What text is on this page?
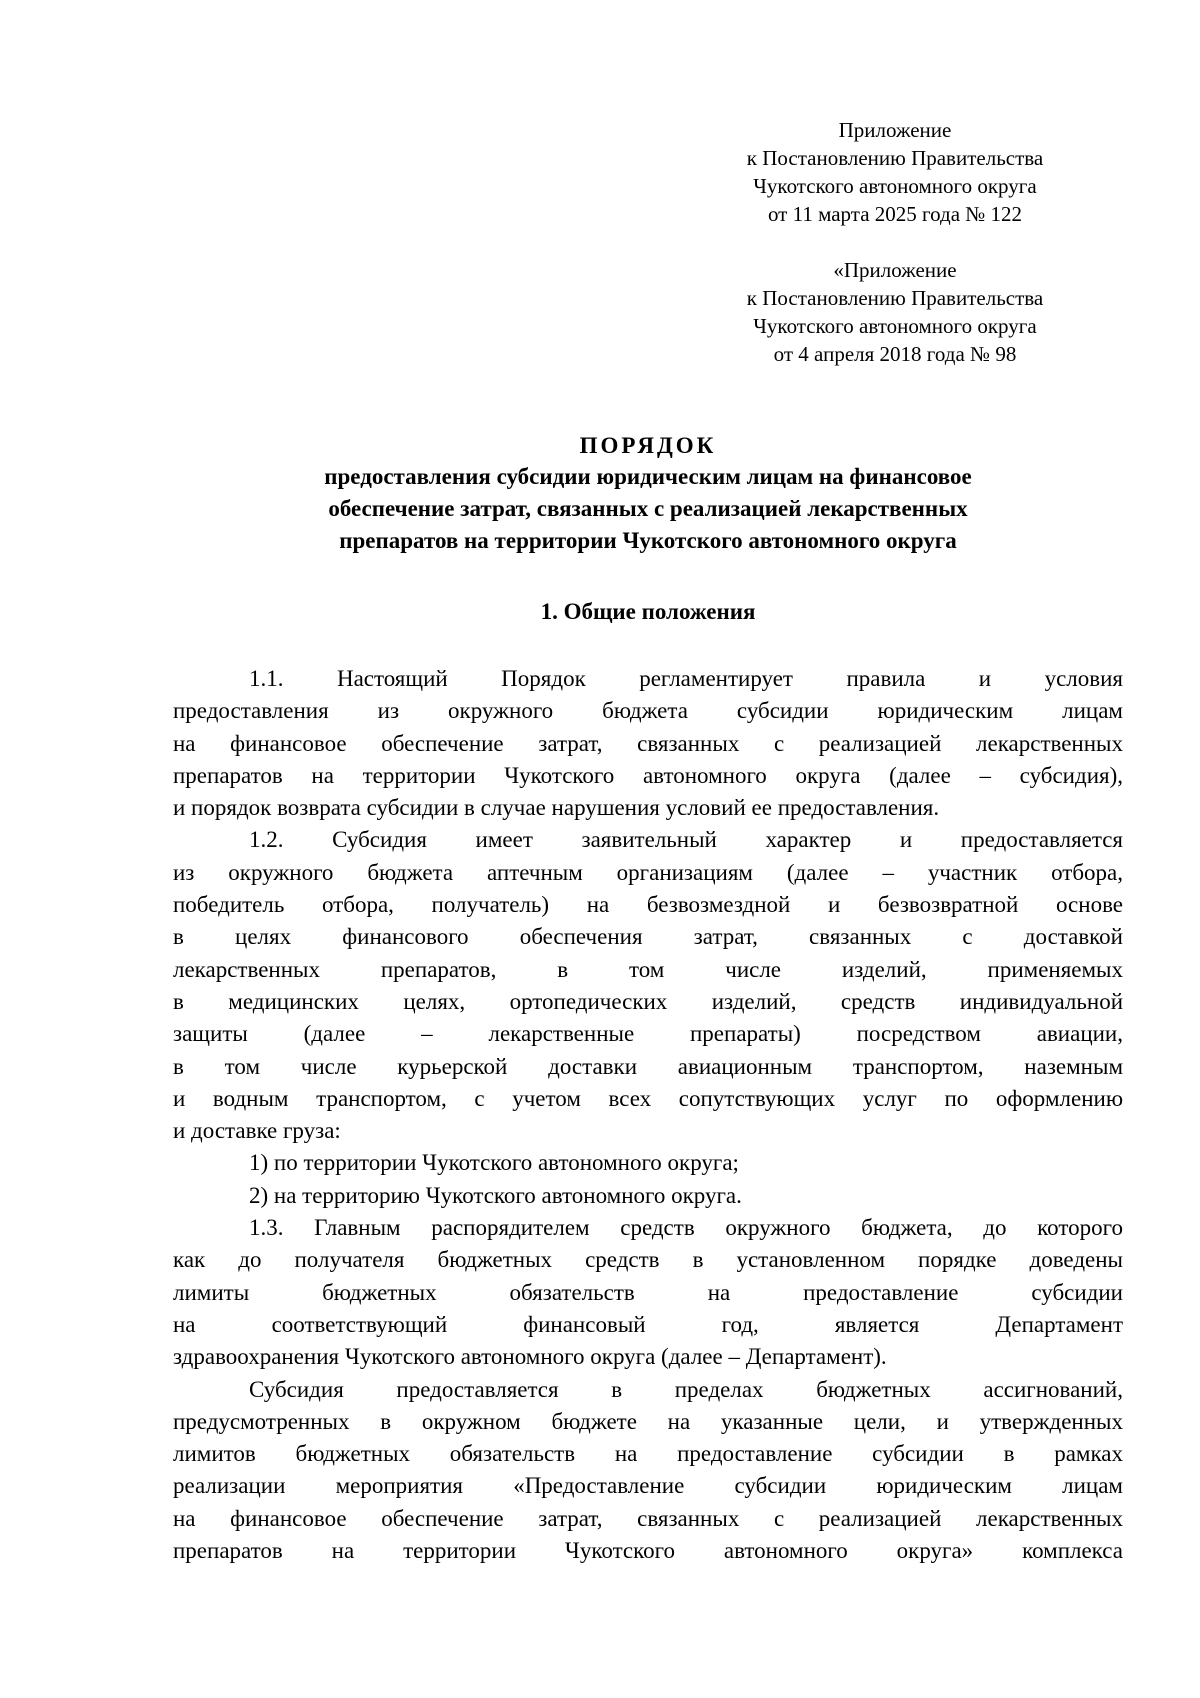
Приложение
к Постановлению Правительства
Чукотского автономного округа
от 11 марта 2025 года № 122
«Приложение
к Постановлению Правительства
Чукотского автономного округа
от 4 апреля 2018 года № 98
ПОРЯДОК
предоставления субсидии юридическим лицам на финансовое
обеспечение затрат, связанных с реализацией лекарственных
препаратов на территории Чукотского автономного округа
1. Общие положения
1.1. Настоящий Порядок регламентирует правила и условия
предоставления из окружного бюджета субсидии юридическим лицам
на финансовое обеспечение затрат, связанных с реализацией лекарственных
препаратов на территории Чукотского автономного округа (далее – субсидия),
и порядок возврата субсидии в случае нарушения условий ее предоставления.
1.2. Субсидия имеет заявительный характер и предоставляется
из окружного бюджета аптечным организациям (далее – участник отбора,
победитель отбора, получатель) на безвозмездной и безвозвратной основе
в целях финансового обеспечения затрат, связанных с доставкой
лекарственных препаратов, в том числе изделий, применяемых
в медицинских целях, ортопедических изделий, средств индивидуальной
защиты (далее – лекарственные препараты) посредством авиации,
в том числе курьерской доставки авиационным транспортом, наземным
и водным транспортом, с учетом всех сопутствующих услуг по оформлению
и доставке груза:
1) по территории Чукотского автономного округа;
2) на территорию Чукотского автономного округа.
1.3. Главным распорядителем средств окружного бюджета, до которого
как до получателя бюджетных средств в установленном порядке доведены
лимиты бюджетных обязательств на предоставление субсидии
на соответствующий финансовый год, является Департамент
здравоохранения Чукотского автономного округа (далее – Департамент).
Субсидия предоставляется в пределах бюджетных ассигнований,
предусмотренных в окружном бюджете на указанные цели, и утвержденных
лимитов бюджетных обязательств на предоставление субсидии в рамках
реализации мероприятия «Предоставление субсидии юридическим лицам
на финансовое обеспечение затрат, связанных с реализацией лекарственных
препаратов на территории Чукотского автономного округа» комплекса
